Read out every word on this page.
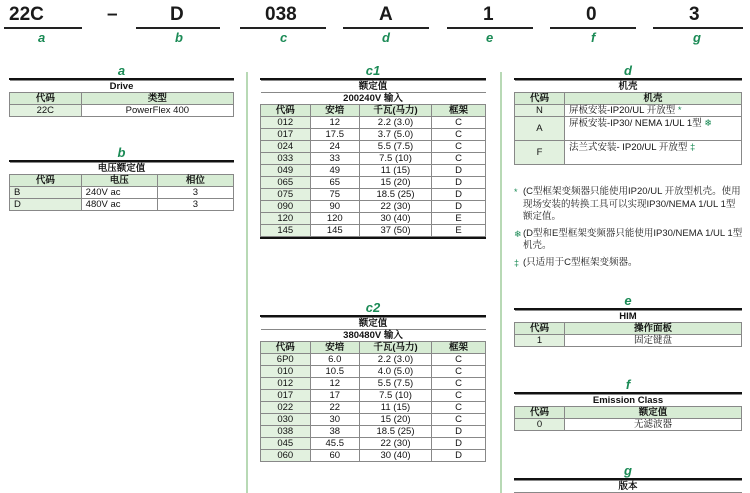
22C	–	D	038	A	1	0	3
a	b	c	d	e	f	g
a
Drive	
代码	类型
22C	PowerFlex 400
b
电压额定值		
代码	电压	相位
B	240V ac	3
D	480V ac	3
c1
额定值			
200240V 输入			
代码	安培	千瓦(马力)	框架
012	12	2.2 (3.0)	C
017	17.5	3.7 (5.0)	C
024	24	5.5 (7.5)	C
033	33	7.5 (10)	C
049	49	11 (15)	D
065	65	15 (20)	D
075	75	18.5 (25)	D
090	90	22 (30)	D
120	120	30 (40)	E
145	145	37 (50)	E
c2
额定值			
380480V 输入			
代码	安培	千瓦(马力)	框架
6P0	6.0	2.2 (3.0)	C
010	10.5	4.0 (5.0)	C
012	12	5.5 (7.5)	C
017	17	7.5 (10)	C
022	22	11 (15)	C
030	30	15 (20)	C
038	38	18.5 (25)	D
045	45.5	22 (30)	D
060	60	30 (40)	D
d
机壳	
代码	机壳
N	屏板安装-IP20/UL 开放型 *
A	屏板安装-IP30/ NEMA 1/UL 1型 ❄
F	法兰式安装- IP20/UL 开放型 ‡

* (C型框架变频器只能使用IP20/UL 开放型机壳。使用现场安装的转换工具可以实现IP30/NEMA 1/UL 1型额定值。

❄ (D型和E型框架变频器只能使用IP30/NEMA 1/UL 1型机壳。

‡ (只适用于C型框架变频器。

e
HIM	
代码	操作面板
1	固定键盘
f
Emission Class	
代码	额定值
0	无滤波器
g
版本
